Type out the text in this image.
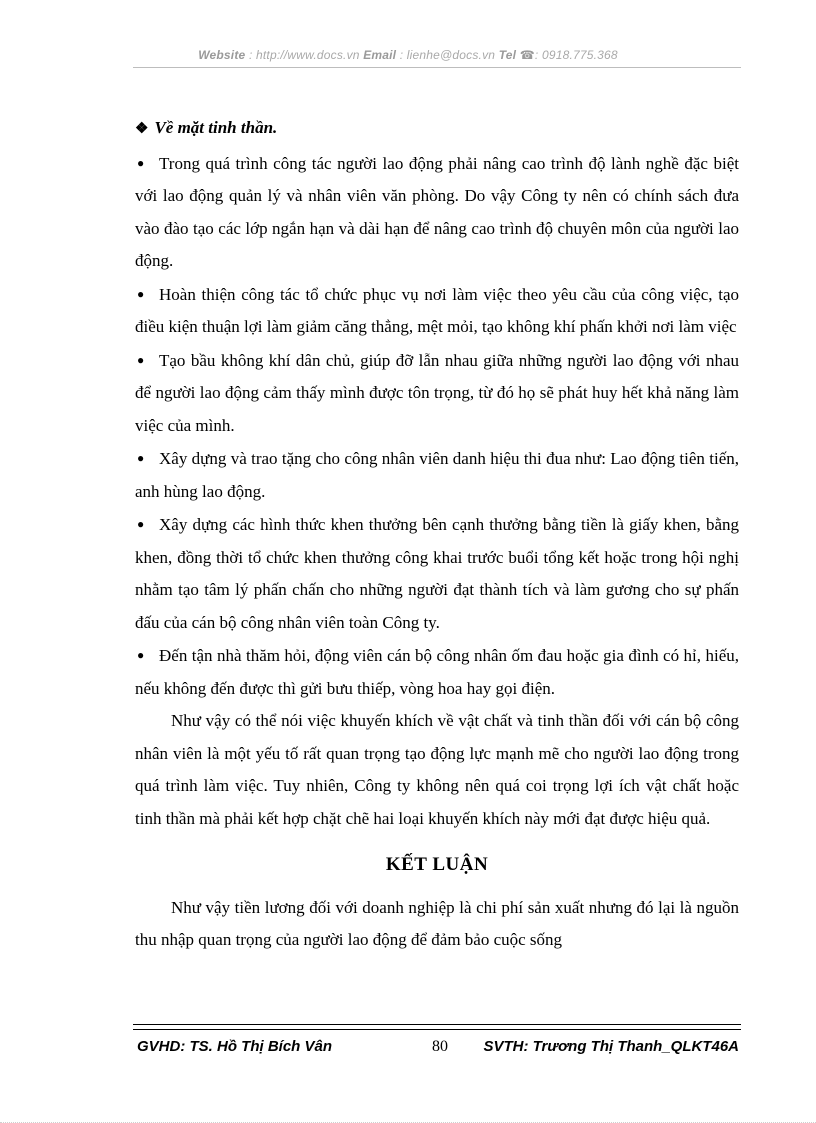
Website : http://www.docs.vn Email : lienhe@docs.vn Tel ☎: 0918.775.368

❖ Về mặt tinh thần.

● Trong quá trình công tác người lao động phải nâng cao trình độ lành nghề đặc biệt với lao động quản lý và nhân viên văn phòng. Do vậy Công ty nên có chính sách đưa vào đào tạo các lớp ngắn hạn và dài hạn để nâng cao trình độ chuyên môn của người lao động.

● Hoàn thiện công tác tổ chức phục vụ nơi làm việc theo yêu cầu của công việc, tạo điều kiện thuận lợi làm giảm căng thẳng, mệt mỏi, tạo không khí phấn khởi nơi làm việc

● Tạo bầu không khí dân chủ, giúp đỡ lẫn nhau giữa những người lao động với nhau để người lao động cảm thấy mình được tôn trọng, từ đó họ sẽ phát huy hết khả năng làm việc của mình.

● Xây dựng và trao tặng cho công nhân viên danh hiệu thi đua như: Lao động tiên tiến, anh hùng lao động.

● Xây dựng các hình thức khen thưởng bên cạnh thưởng bằng tiền là giấy khen, bằng khen, đồng thời tổ chức khen thưởng công khai trước buổi tổng kết hoặc trong hội nghị nhằm tạo tâm lý phấn chấn cho những người đạt thành tích và làm gương cho sự phấn đấu của cán bộ công nhân viên toàn Công ty.

● Đến tận nhà thăm hỏi, động viên cán bộ công nhân ốm đau hoặc gia đình có hỉ, hiếu, nếu không đến được thì gửi bưu thiếp, vòng hoa hay gọi điện.

Như vậy có thể nói việc khuyến khích về vật chất và tinh thần đối với cán bộ công nhân viên là một yếu tố rất quan trọng tạo động lực mạnh mẽ cho người lao động trong quá trình làm việc. Tuy nhiên, Công ty không nên quá coi trọng lợi ích vật chất hoặc tinh thần mà phải kết hợp chặt chẽ hai loại khuyến khích này mới đạt được hiệu quả.

KẾT LUẬN

Như vậy tiền lương đối với doanh nghiệp là chi phí sản xuất nhưng đó lại là nguồn thu nhập quan trọng của người lao động để đảm bảo cuộc sống

GVHD: TS. Hồ Thị Bích Vân	80 SVTH: Trương Thị Thanh_QLKT46A
